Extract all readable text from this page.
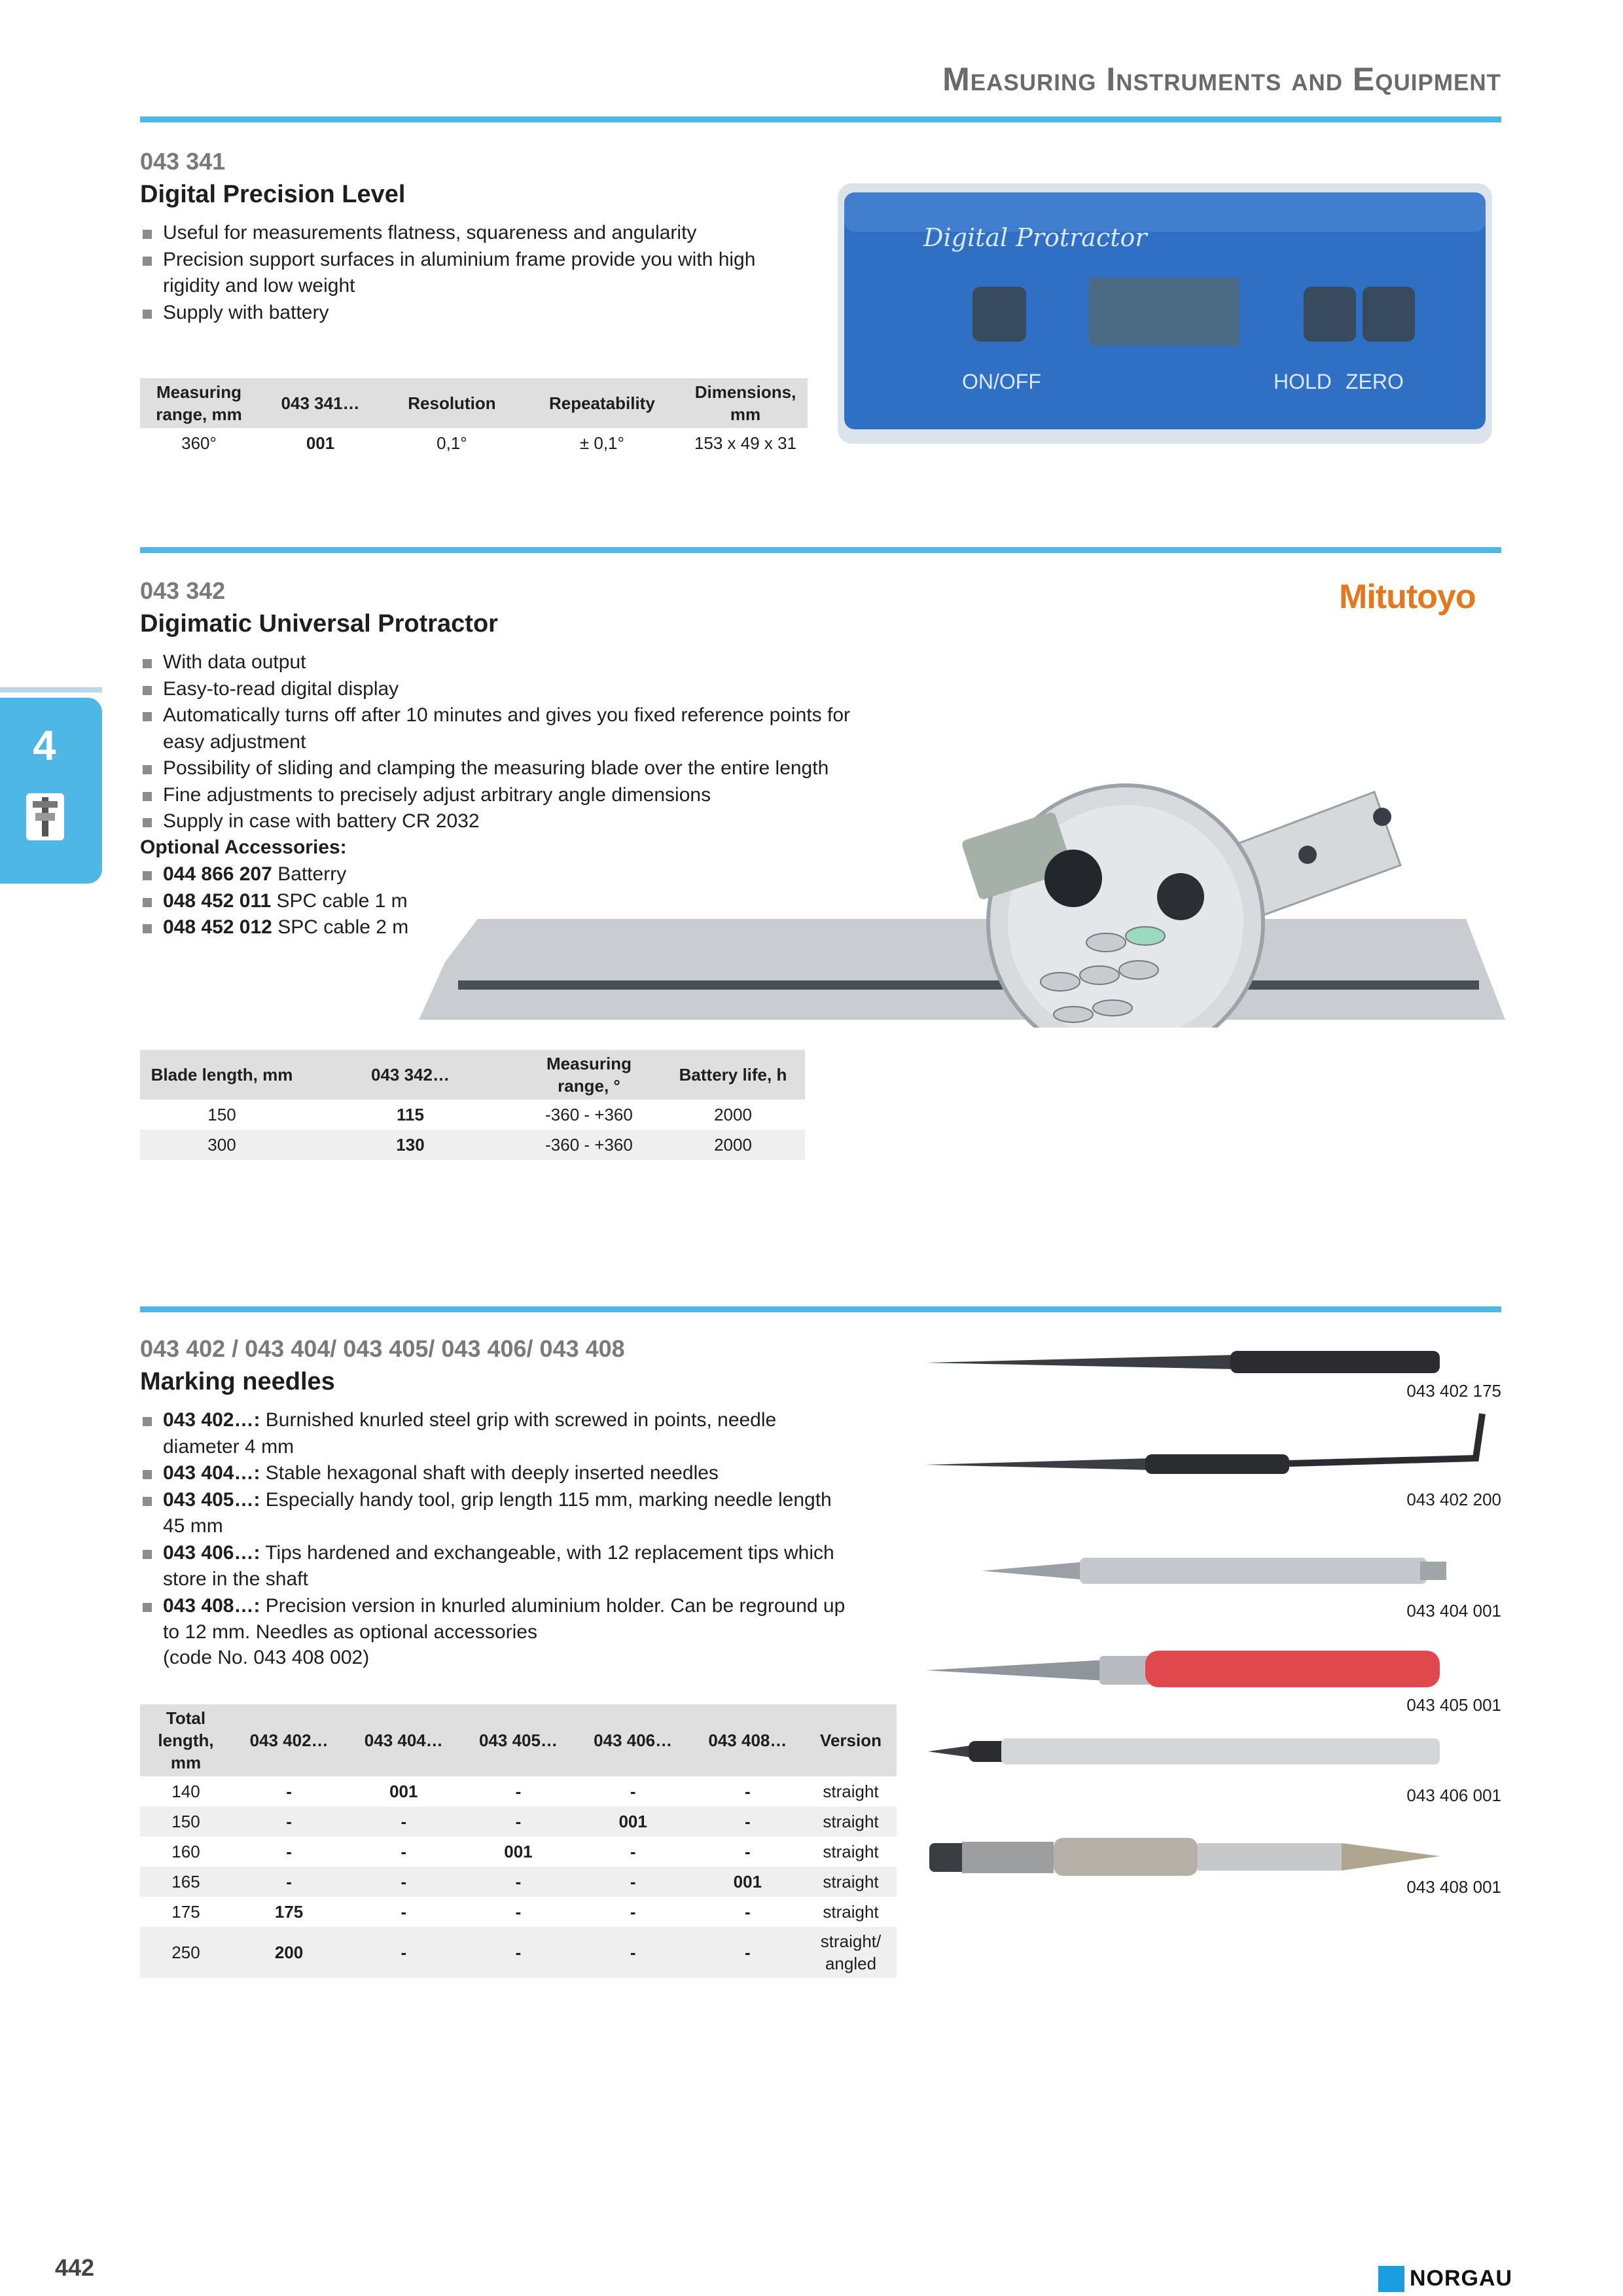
Measuring Instruments and Equipment
043 341
Digital Precision Level
Useful for measurements flatness, squareness and angularity
Precision support surfaces in aluminium frame provide you with high rigidity and low weight
Supply with battery
Measuring range, mm	043 341…	Resolution	Repeatability	Dimensions, mm
360°	001	0,1°	± 0,1°	153 x 49 x 31
Digital Protractor
ON/OFF	HOLD ZERO
043 342	Mitutoyo
Digimatic Universal Protractor
With data output
Easy-to-read digital display
Automatically turns off after 10 minutes and gives you fixed reference points for easy adjustment
Possibility of sliding and clamping the measuring blade over the entire length
Fine adjustments to precisely adjust arbitrary angle dimensions
Supply in case with battery CR 2032
Optional Accessories:
044 866 207 Batterry
048 452 011 SPC cable 1 m
048 452 012 SPC cable 2 m
Blade length, mm	043 342…	Measuring range, °	Battery life, h
150	115	-360 - +360	2000
300	130	-360 - +360	2000
043 402 / 043 404/ 043 405/ 043 406/ 043 408
Marking needles
043 402…: Burnished knurled steel grip with screwed in points, needle diameter 4 mm
043 404…: Stable hexagonal shaft with deeply inserted needles
043 405…: Especially handy tool, grip length 115 mm, marking needle length 45 mm
043 406…: Tips hardened and exchangeable, with 12 replacement tips which store in the shaft
043 408…: Precision version in knurled aluminium holder. Can be reground up to 12 mm. Needles as optional accessories
(code No. 043 408 002)
Total length, mm	043 402…	043 404…	043 405…	043 406…	043 408…	Version
140	-	001	-	-	-	straight
150	-	-	-	001	-	straight
160	-	-	001	-	-	straight
165	-	-	-	-	001	straight
175	175	-	-	-	-	straight
250	200	-	-	-	-	straight/ angled
043 402 175
043 402 200
043 404 001
043 405 001
043 406 001
043 408 001
4
442	NORGAU
